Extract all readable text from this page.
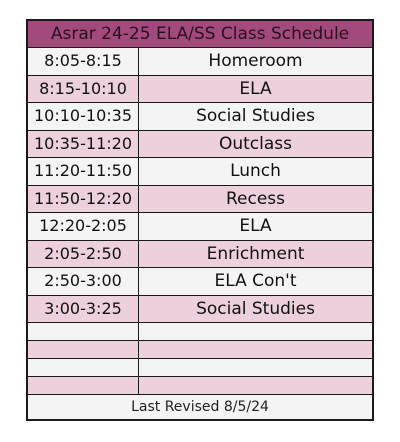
Asrar 24-25 ELA/SS Class Schedule
8:05-8:15	Homeroom
8:15-10:10	ELA
10:10-10:35	Social Studies
10:35-11:20	Outclass
11:20-11:50	Lunch
11:50-12:20	Recess
12:20-2:05	ELA
2:05-2:50	Enrichment
2:50-3:00	ELA Con't
3:00-3:25	Social Studies
Last Revised 8/5/24
